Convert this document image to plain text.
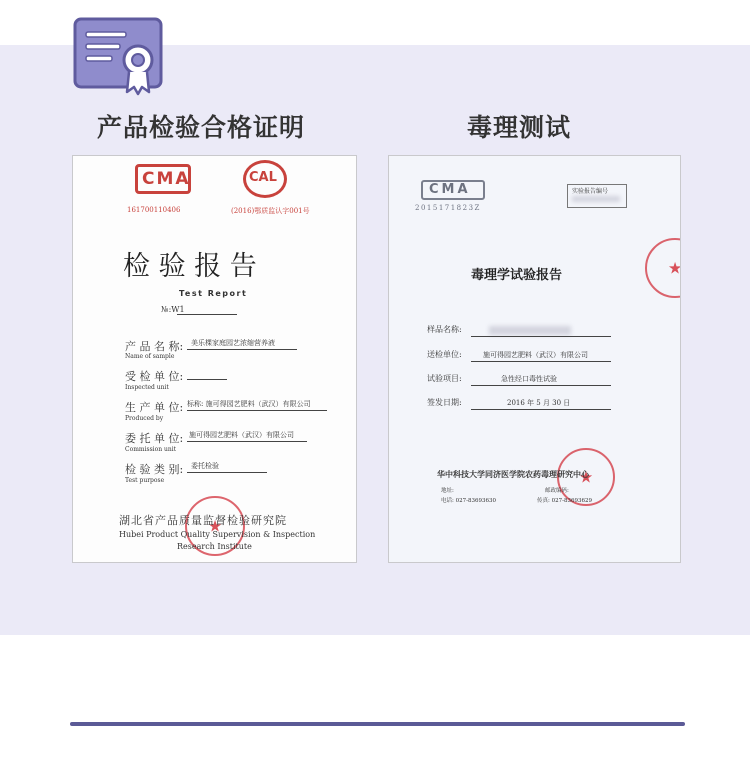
产品检验合格证明	毒理测试
CMA	CAL
161700110406	(2016)鄂质监认字001号
检 验 报 告
Test Report
№:W1
产 品 名 称:
Name of sample
美乐棵家庭园艺浓缩营养液
受 检 单 位:
Inspected unit
生 产 单 位:
Produced by
标称: 施可得园艺肥料（武汉）有限公司
委 托 单 位:
Commission unit
施可得园艺肥料（武汉）有限公司
检 验 类 别:
Test purpose
委托检验
★
湖北省产品质量监督检验研究院
Hubei Product Quality Supervision & Inspection
Research Institute
CMA
2015171823Z
实验报告编号
★
毒理学试验报告
样品名称:
送检单位:	施可得园艺肥料（武汉）有限公司
试验项目:	急性经口毒性试验
签发日期:	2016 年 5 月 30 日
★
华中科技大学同济医学院农药毒理研究中心
地址:	邮政编码:
电话: 027-83693630	传真: 027-83693629
